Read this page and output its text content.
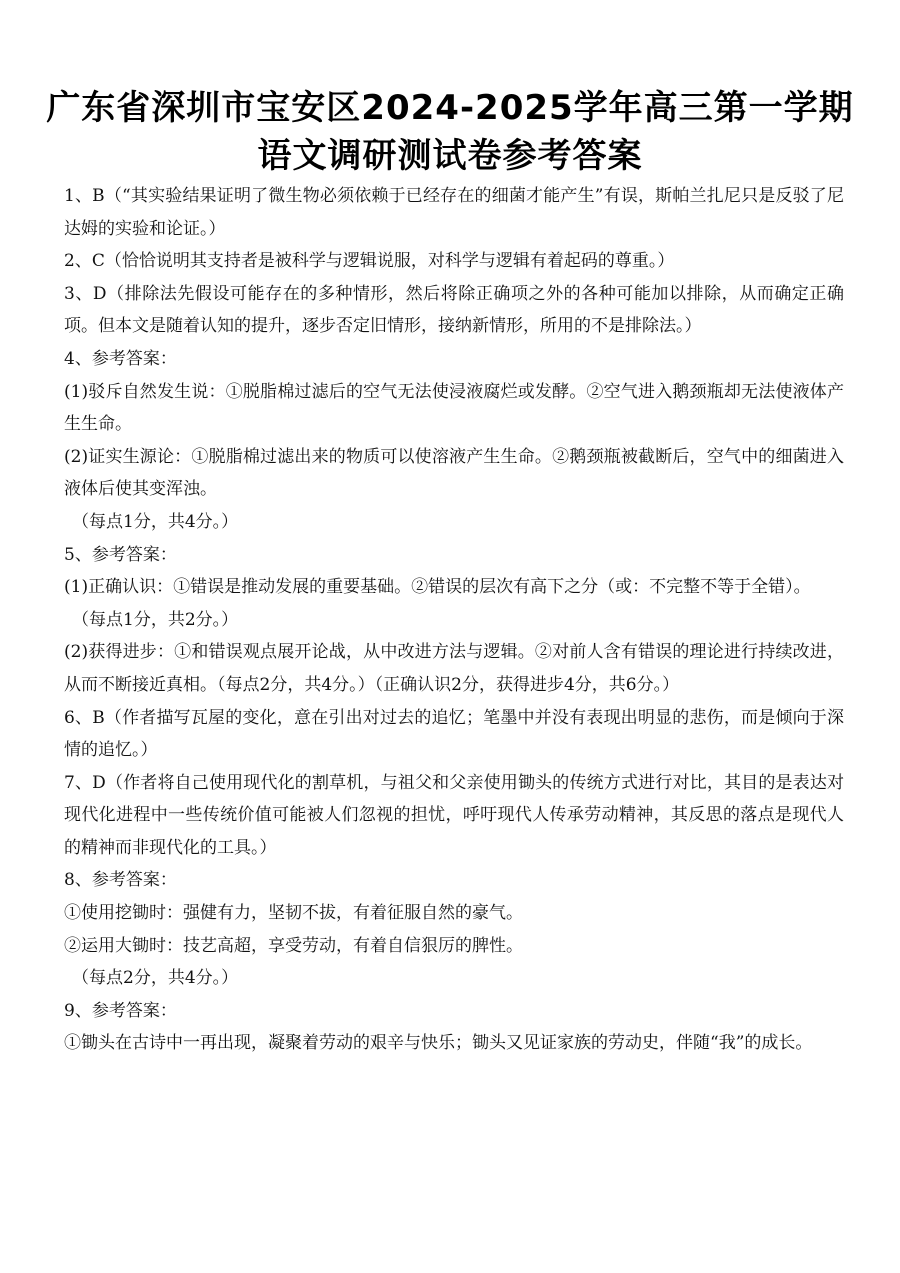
广东省深圳市宝安区2024-2025学年高三第一学期
语文调研测试卷参考答案

1、B（“其实验结果证明了微生物必须依赖于已经存在的细菌才能产生”有误，斯帕兰扎尼只是反驳了尼达姆的实验和论证。）

2、C（恰恰说明其支持者是被科学与逻辑说服，对科学与逻辑有着起码的尊重。）

3、D（排除法先假设可能存在的多种情形，然后将除正确项之外的各种可能加以排除，从而确定正确项。但本文是随着认知的提升，逐步否定旧情形，接纳新情形，所用的不是排除法。）

4、参考答案：

(1)驳斥自然发生说：①脱脂棉过滤后的空气无法使浸液腐烂或发酵。②空气进入鹅颈瓶却无法使液体产生生命。

(2)证实生源论：①脱脂棉过滤出来的物质可以使溶液产生生命。②鹅颈瓶被截断后，空气中的细菌进入液体后使其变浑浊。

（每点1分，共4分。）

5、参考答案：

(1)正确认识：①错误是推动发展的重要基础。②错误的层次有高下之分（或：不完整不等于全错）。

（每点1分，共2分。）

(2)获得进步：①和错误观点展开论战，从中改进方法与逻辑。②对前人含有错误的理论进行持续改进，从而不断接近真相。（每点2分，共4分。）（正确认识2分，获得进步4分，共6分。）

6、B（作者描写瓦屋的变化，意在引出对过去的追忆；笔墨中并没有表现出明显的悲伤，而是倾向于深情的追忆。）

7、D（作者将自己使用现代化的割草机，与祖父和父亲使用锄头的传统方式进行对比，其目的是表达对现代化进程中一些传统价值可能被人们忽视的担忧，呼吁现代人传承劳动精神，其反思的落点是现代人的精神而非现代化的工具。）

8、参考答案：

①使用挖锄时：强健有力，坚韧不拔，有着征服自然的豪气。

②运用大锄时：技艺高超，享受劳动，有着自信狠厉的脾性。

（每点2分，共4分。）

9、参考答案：

①锄头在古诗中一再出现，凝聚着劳动的艰辛与快乐；锄头又见证家族的劳动史，伴随“我”的成长。
